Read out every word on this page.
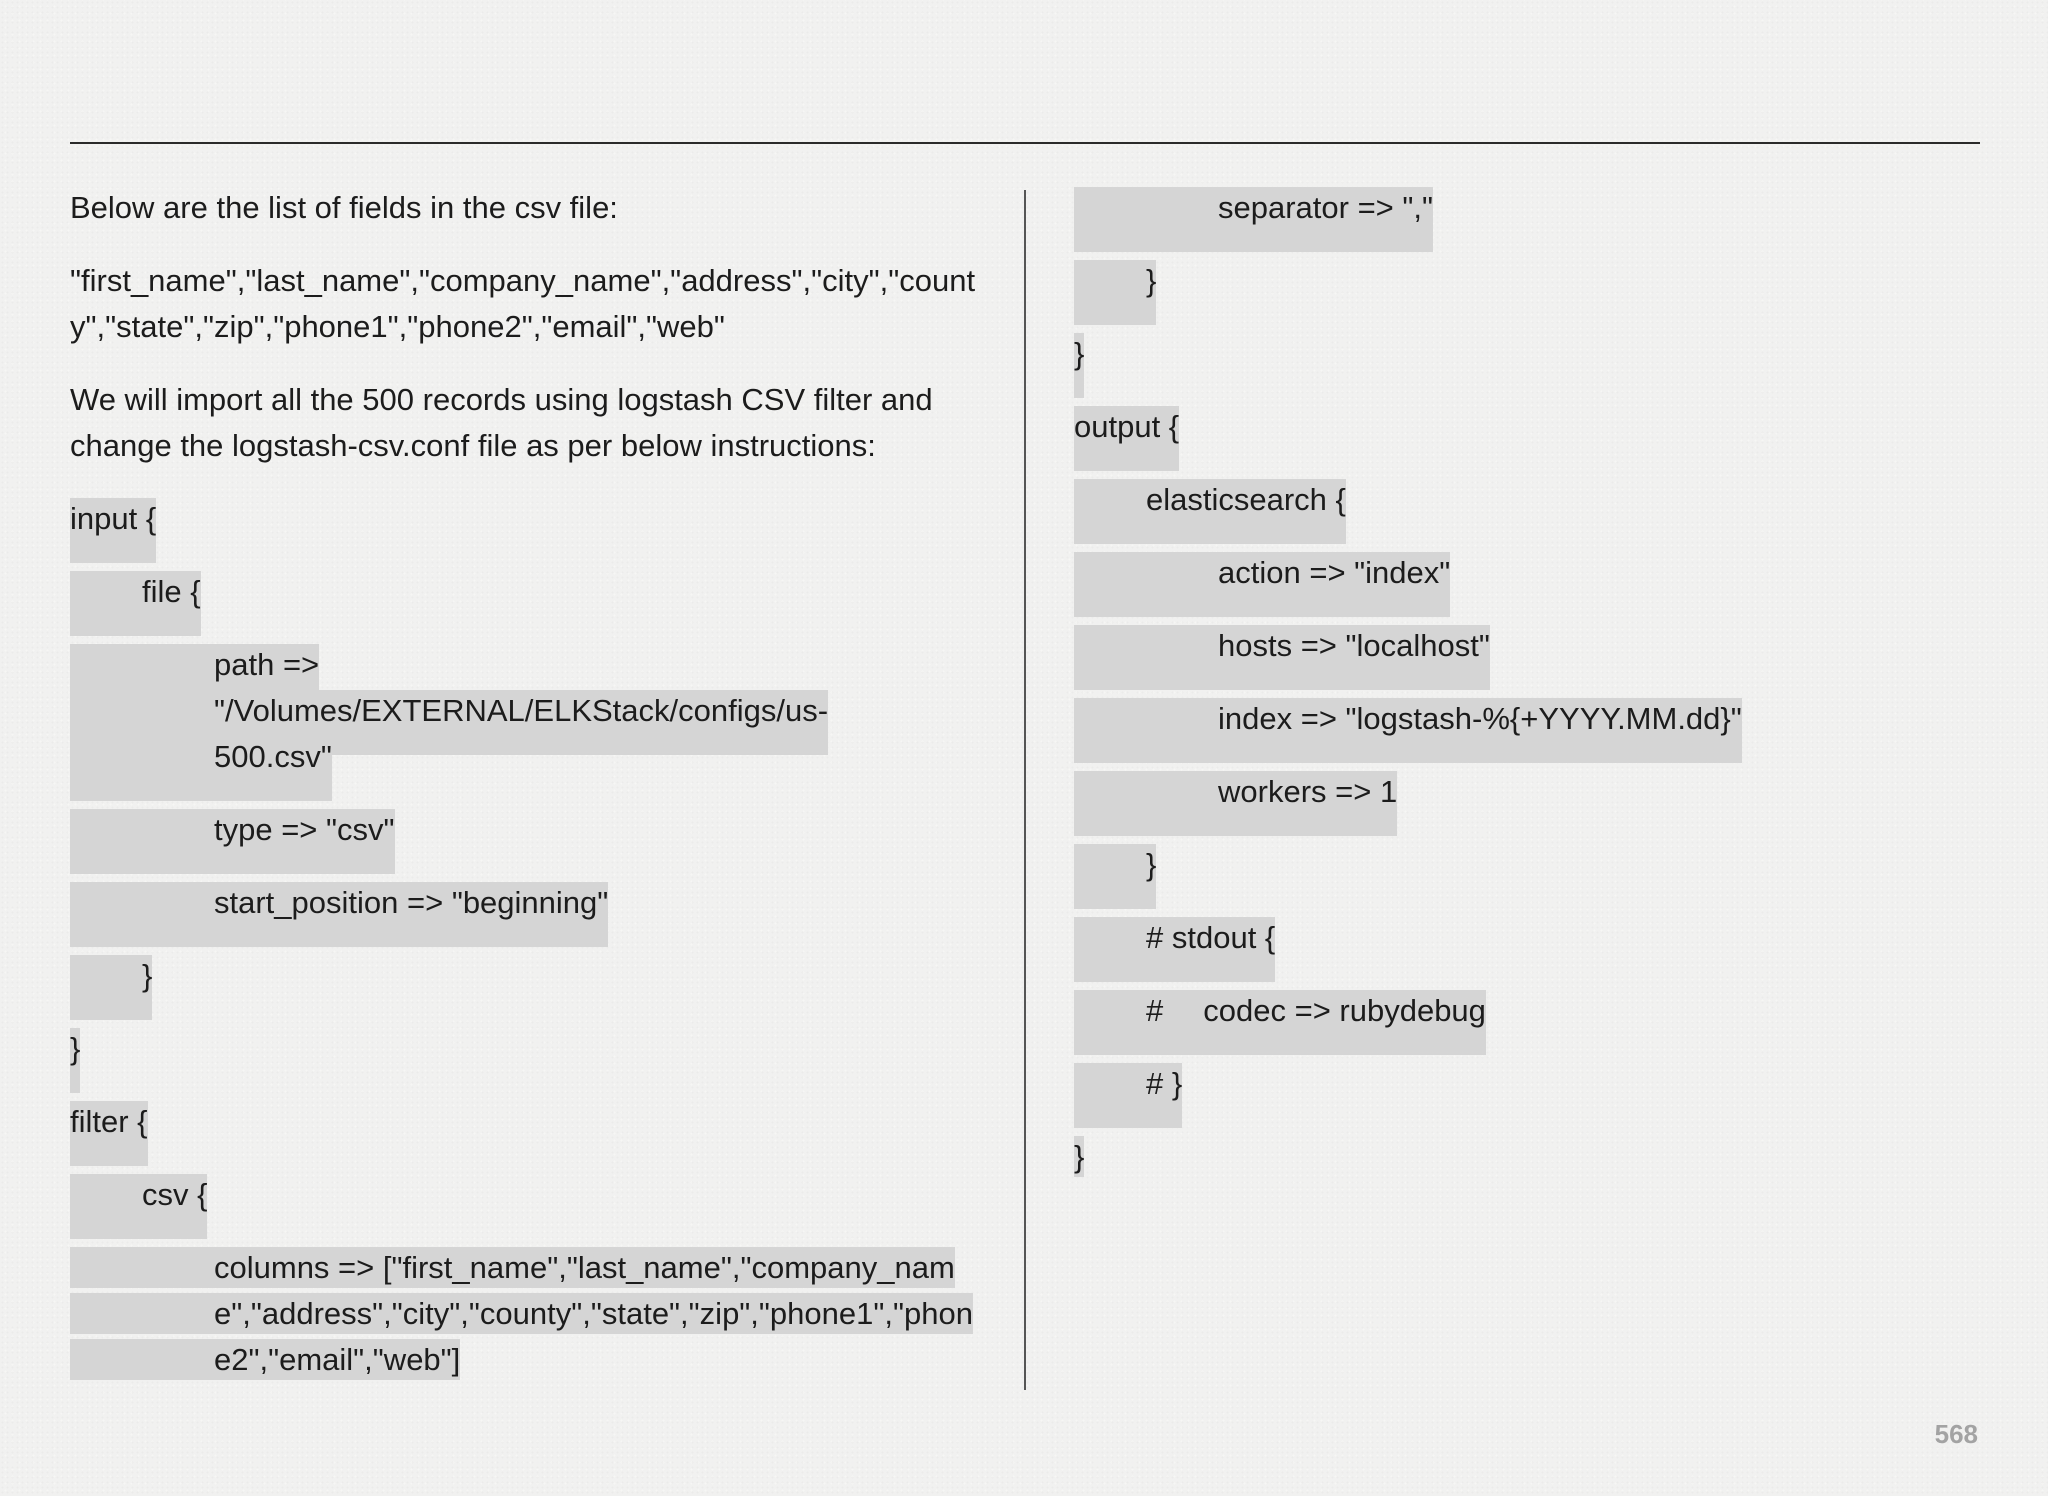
Below are the list of fields in the csv file:

"first_name","last_name","company_name","address","city","county","state","zip","phone1","phone2","email","web"

We will import all the 500 records using logstash CSV filter and change the logstash-csv.conf file as per below instructions:

input {
file {
path => "/Volumes/EXTERNAL/ELKStack/configs/us-500.csv"
type => "csv"
start_position => "beginning"
}
}
filter {
csv {
columns => ["first_name","last_name","company_name","address","city","county","state","zip","phone1","phone2","email","web"]
separator => ","
}
}
output {
elasticsearch {
action => "index"
hosts => "localhost"
index => "logstash-%{+YYYY.MM.dd}"
workers => 1
}
# stdout {
# codec => rubydebug
# }
}
568
